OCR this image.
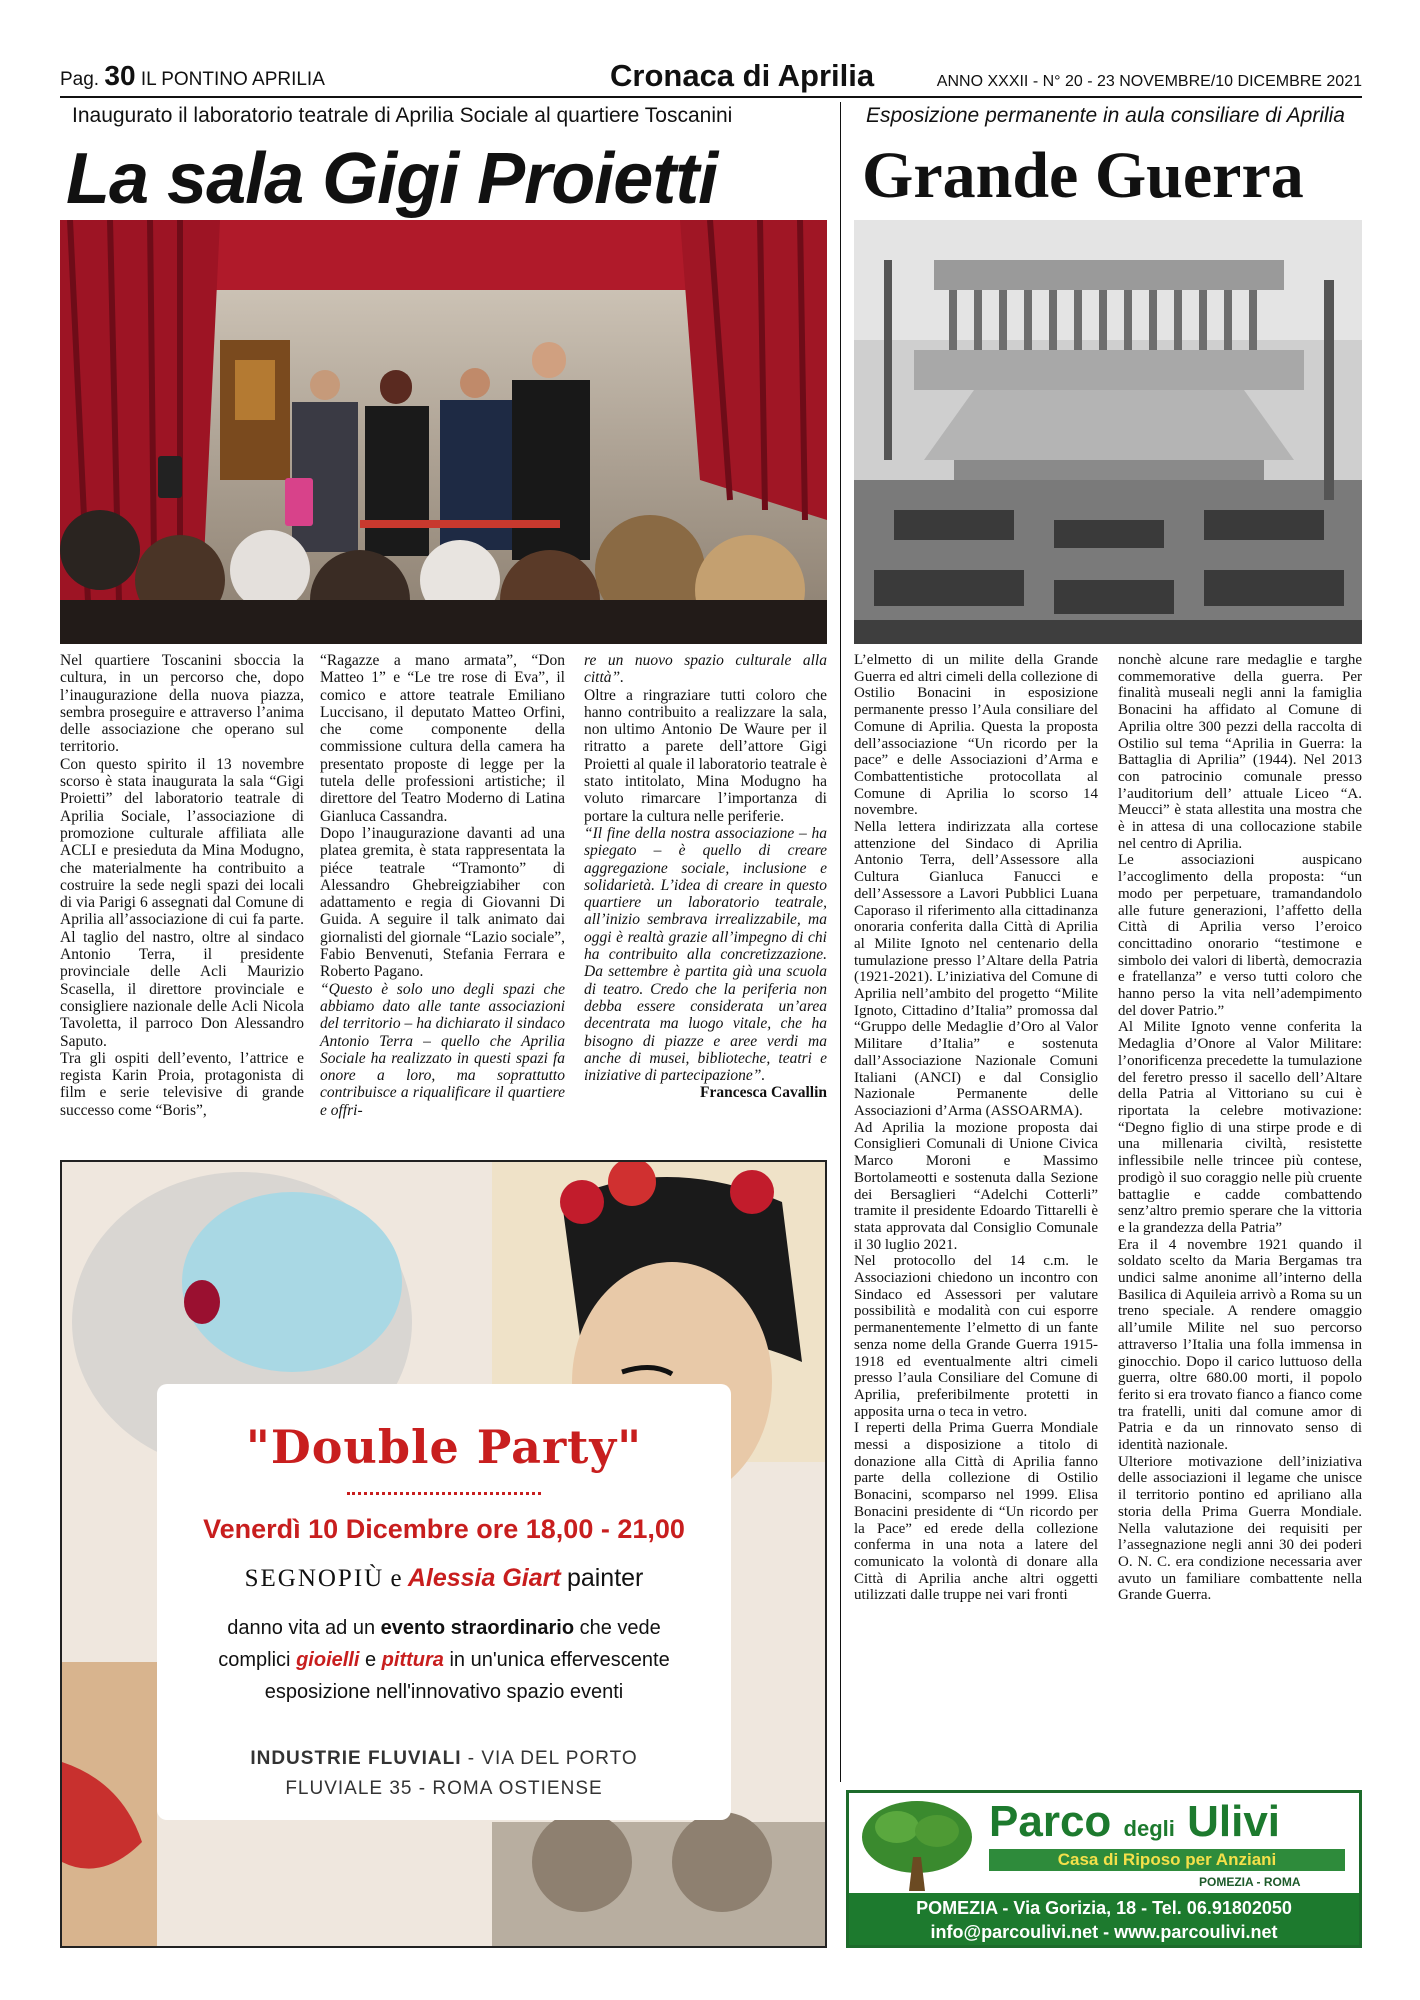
Pag. 30 IL PONTINO APRILIA	Cronaca di Aprilia	ANNO XXXII - N° 20 - 23 NOVEMBRE/10 DICEMBRE 2021
Inaugurato il laboratorio teatrale di Aprilia Sociale al quartiere Toscanini
La sala Gigi Proietti
Esposizione permanente in aula consiliare di Aprilia
Grande Guerra

Nel quartiere Toscanini sboccia la cultura, in un percorso che, dopo l’inaugurazione della nuova piazza, sembra proseguire e attraverso l’anima delle associazione che operano sul territorio.

Con questo spirito il 13 novembre scorso è stata inaugurata la sala “Gigi Proietti” del laboratorio teatrale di Aprilia Sociale, l’associazione di promozione culturale affiliata alle ACLI e presieduta da Mina Modugno, che materialmente ha contribuito a costruire la sede negli spazi dei locali di via Parigi 6 assegnati dal Comune di Aprilia all’associazione di cui fa parte. Al taglio del nastro, oltre al sindaco Antonio Terra, il presidente provinciale delle Acli Maurizio Scasella, il direttore provinciale e consigliere nazionale delle Acli Nicola Tavoletta, il parroco Don Alessandro Saputo.

Tra gli ospiti dell’evento, l’attrice e regista Karin Proia, protagonista di film e serie televisive di grande successo come “Boris”,

“Ragazze a mano armata”, “Don Matteo 1” e “Le tre rose di Eva”, il comico e attore teatrale Emiliano Luccisano, il deputato Matteo Orfini, che come componente della commissione cultura della camera ha presentato proposte di legge per la tutela delle professioni artistiche; il direttore del Teatro Moderno di Latina Gianluca Cassandra.

Dopo l’inaugurazione davanti ad una platea gremita, è stata rappresentata la piéce teatrale “Tramonto” di Alessandro Ghebreigziabiher con adattamento e regia di Giovanni Di Guida. A seguire il talk animato dai giornalisti del giornale “Lazio sociale”, Fabio Benvenuti, Stefania Ferrara e Roberto Pagano.

“Questo è solo uno degli spazi che abbiamo dato alle tante associazioni del territorio – ha dichiarato il sindaco Antonio Terra – quello che Aprilia Sociale ha realizzato in questi spazi fa onore a loro, ma soprattutto contribuisce a riqualificare il quartiere e offri-

re un nuovo spazio culturale alla città”.

Oltre a ringraziare tutti coloro che hanno contribuito a realizzare la sala, non ultimo Antonio De Waure per il ritratto a parete dell’attore Gigi Proietti al quale il laboratorio teatrale è stato intitolato, Mina Modugno ha voluto rimarcare l’importanza di portare la cultura nelle periferie.

“Il fine della nostra associazione – ha spiegato – è quello di creare aggregazione sociale, inclusione e solidarietà. L’idea di creare in questo quartiere un laboratorio teatrale, all’inizio sembrava irrealizzabile, ma oggi è realtà grazie all’impegno di chi ha contribuito alla concretizzazione. Da settembre è partita già una scuola di teatro. Credo che la periferia non debba essere considerata un’area decentrata ma luogo vitale, che ha bisogno di piazze e aree verdi ma anche di musei, biblioteche, teatri e iniziative di partecipazione”.

Francesca Cavallin

L’elmetto di un milite della Grande Guerra ed altri cimeli della collezione di Ostilio Bonacini in esposizione permanente presso l’Aula consiliare del Comune di Aprilia. Questa la proposta dell’associazione “Un ricordo per la pace” e delle Associazioni d’Arma e Combattentistiche protocollata al Comune di Aprilia lo scorso 14 novembre.

Nella lettera indirizzata alla cortese attenzione del Sindaco di Aprilia Antonio Terra, dell’Assessore alla Cultura Gianluca Fanucci e dell’Assessore a Lavori Pubblici Luana Caporaso il riferimento alla cittadinanza onoraria conferita dalla Città di Aprilia al Milite Ignoto nel centenario della tumulazione presso l’Altare della Patria (1921-2021). L’iniziativa del Comune di Aprilia nell’ambito del progetto “Milite Ignoto, Cittadino d’Italia” promossa dal “Gruppo delle Medaglie d’Oro al Valor Militare d’Italia” e sostenuta dall’Associazione Nazionale Comuni Italiani (ANCI) e dal Consiglio Nazionale Permanente delle Associazioni d’Arma (ASSOARMA).

Ad Aprilia la mozione proposta dai Consiglieri Comunali di Unione Civica Marco Moroni e Massimo Bortolameotti e sostenuta dalla Sezione dei Bersaglieri “Adelchi Cotterli” tramite il presidente Edoardo Tittarelli è stata approvata dal Consiglio Comunale il 30 luglio 2021.

Nel protocollo del 14 c.m. le Associazioni chiedono un incontro con Sindaco ed Assessori per valutare possibilità e modalità con cui esporre permanentemente l’elmetto di un fante senza nome della Grande Guerra 1915-1918 ed eventualmente altri cimeli presso l’aula Consiliare del Comune di Aprilia, preferibilmente protetti in apposita urna o teca in vetro.

I reperti della Prima Guerra Mondiale messi a disposizione a titolo di donazione alla Città di Aprilia fanno parte della collezione di Ostilio Bonacini, scomparso nel 1999. Elisa Bonacini presidente di “Un ricordo per la Pace” ed erede della collezione conferma in una nota a latere del comunicato la volontà di donare alla Città di Aprilia anche altri oggetti utilizzati dalle truppe nei vari fronti

nonchè alcune rare medaglie e targhe commemorative della guerra. Per finalità museali negli anni la famiglia Bonacini ha affidato al Comune di Aprilia oltre 300 pezzi della raccolta di Ostilio sul tema “Aprilia in Guerra: la Battaglia di Aprilia” (1944). Nel 2013 con patrocinio comunale presso l’auditorium dell’ attuale Liceo “A. Meucci” è stata allestita una mostra che è in attesa di una collocazione stabile nel centro di Aprilia.

Le associazioni auspicano l’accoglimento della proposta: “un modo per perpetuare, tramandandolo alle future generazioni, l’affetto della Città di Aprilia verso l’eroico concittadino onorario “testimone e simbolo dei valori di libertà, democrazia e fratellanza” e verso tutti coloro che hanno perso la vita nell’adempimento del dover Patrio.”

Al Milite Ignoto venne conferita la Medaglia d’Onore al Valor Militare: l’onorificenza precedette la tumulazione del feretro presso il sacello dell’Altare della Patria al Vittoriano su cui è riportata la celebre motivazione: “Degno figlio di una stirpe prode e di una millenaria civiltà, resistette inflessibile nelle trincee più contese, prodigò il suo coraggio nelle più cruente battaglie e cadde combattendo senz’altro premio sperare che la vittoria e la grandezza della Patria”

Era il 4 novembre 1921 quando il soldato scelto da Maria Bergamas tra undici salme anonime all’interno della Basilica di Aquileia arrivò a Roma su un treno speciale. A rendere omaggio all’umile Milite nel suo percorso attraverso l’Italia una folla immensa in ginocchio. Dopo il carico luttuoso della guerra, oltre 680.00 morti, il popolo ferito si era trovato fianco a fianco come tra fratelli, uniti dal comune amor di Patria e da un rinnovato senso di identità nazionale.

Ulteriore motivazione dell’iniziativa delle associazioni il legame che unisce il territorio pontino ed apriliano alla storia della Prima Guerra Mondiale. Nella valutazione dei requisiti per l’assegnazione negli anni 30 dei poderi O. N. C. era condizione necessaria aver avuto un familiare combattente nella Grande Guerra.

"Double Party"
Venerdì 10 Dicembre ore 18,00 - 21,00
SEGNOPIÙ e Alessia Giart painter
danno vita ad un evento straordinario che vede
complici gioielli e pittura in un'unica effervescente
esposizione nell'innovativo spazio eventi
INDUSTRIE FLUVIALI - VIA DEL PORTO
FLUVIALE 35 - ROMA OSTIENSE
Parco degli Ulivi
Casa di Riposo per Anziani
POMEZIA - ROMA
POMEZIA - Via Gorizia, 18 - Tel. 06.91802050
info@parcoulivi.net - www.parcoulivi.net
